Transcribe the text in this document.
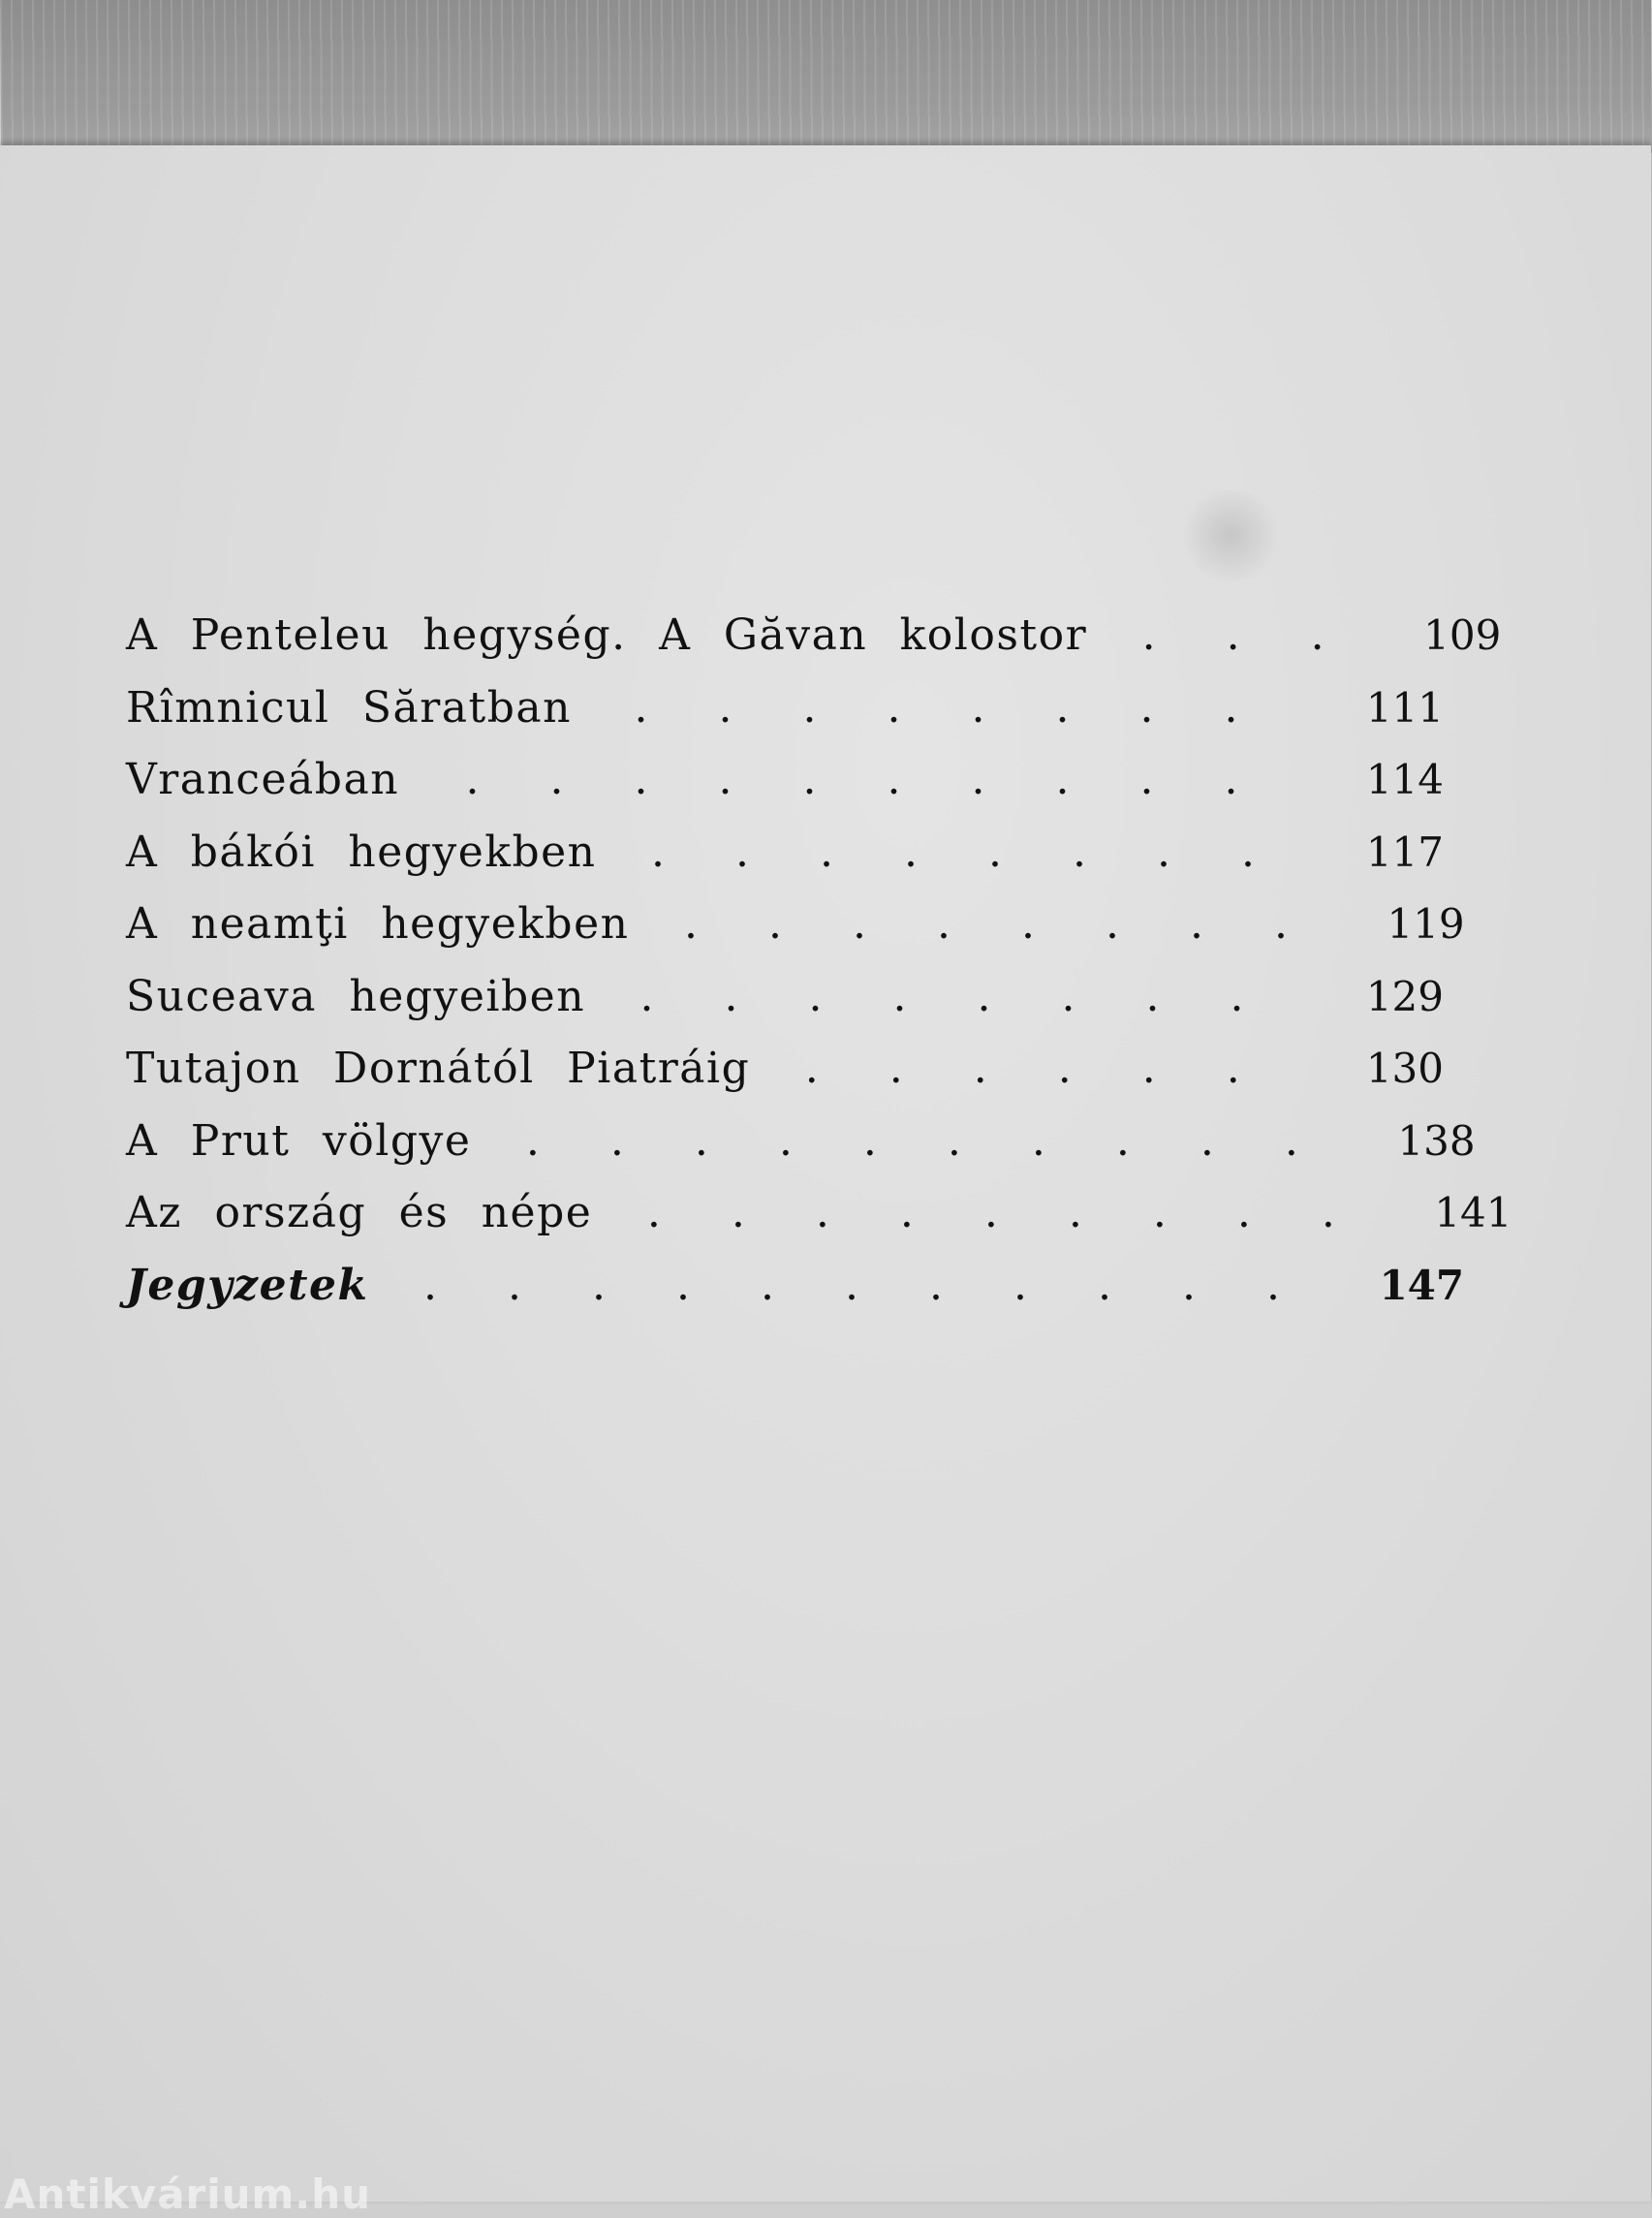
A Penteleu hegység. A Găvan kolostor	...	109
Rîmnicul Săratban	........	111
Vranceában	..........	114
A bákói hegyekben	........	117
A neamţi hegyekben	........	119
Suceava hegyeiben	........	129
Tutajon Dornától Piatráig	......	130
A Prut völgye	..........	138
Az ország és népe	.........	141
Jegyzetek	...........	147
Antikvárium.hu
